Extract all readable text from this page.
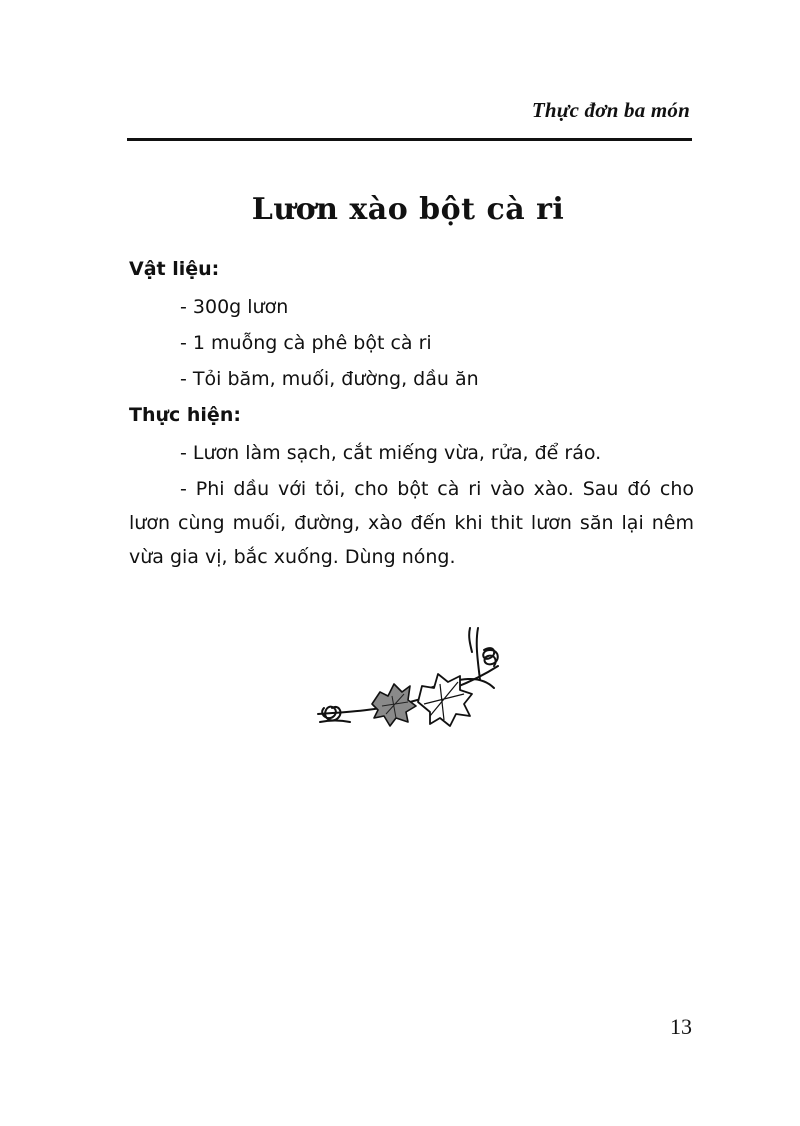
Thực đơn ba món
Lươn xào bột cà ri
Vật liệu:
- 300g lươn
- 1 muỗng cà phê bột cà ri
- Tỏi băm, muối, đường, dầu ăn
Thực hiện:
- Lươn làm sạch, cắt miếng vừa, rửa, để ráo.
- Phi dầu với tỏi, cho bột cà ri vào xào. Sau đó cho lươn cùng muối, đường, xào đến khi thit lươn săn lại nêm vừa gia vị, bắc xuống. Dùng nóng.
13
